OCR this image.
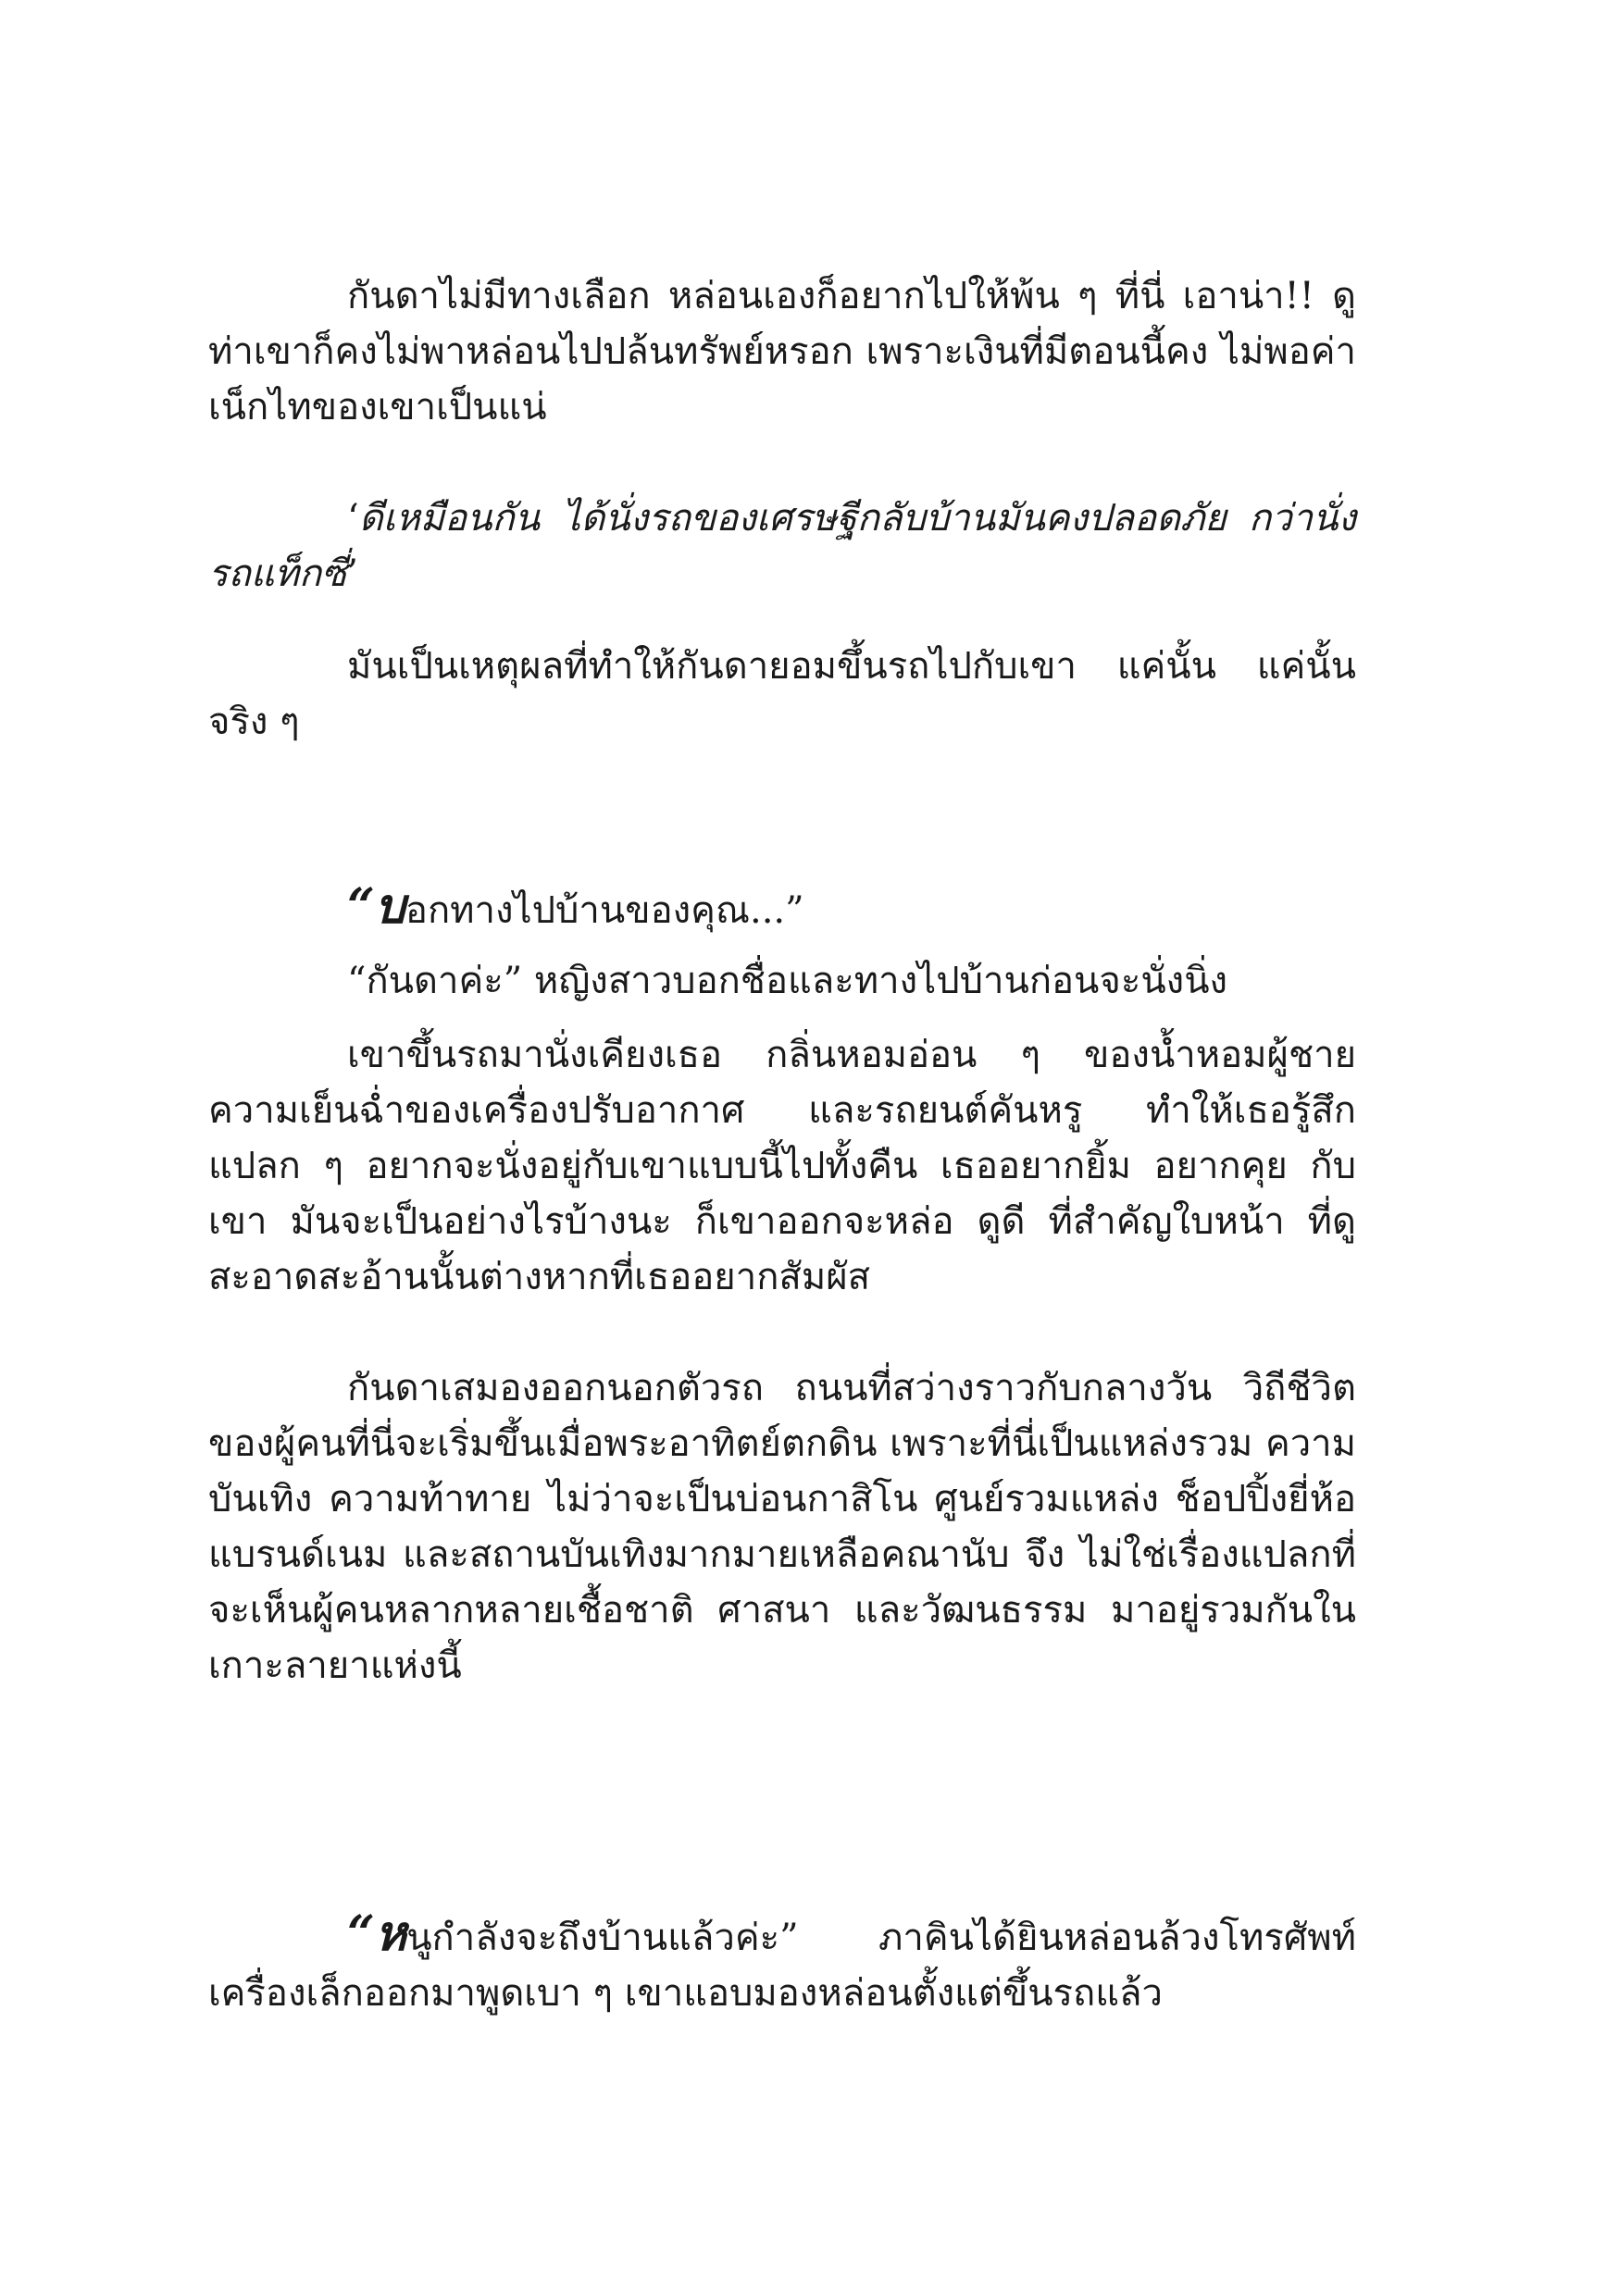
กันดาไม่มีทางเลือก หล่อนเองก็อยากไปให้พ้น ๆ ที่นี่ เอาน่า!! ดูท่าเขาก็คงไม่พาหล่อนไปปล้นทรัพย์หรอก เพราะเงินที่มีตอนนี้คง ไม่พอค่าเน็กไทของเขาเป็นแน่

‘ดีเหมือนกัน ได้นั่งรถของเศรษฐีกลับบ้านมันคงปลอดภัย กว่านั่งรถแท็กซี่’

มันเป็นเหตุผลที่ทำให้กันดายอมขึ้นรถไปกับเขา แค่นั้น แค่นั้น จริง ๆ

“บอกทางไปบ้านของคุณ...”

“กันดาค่ะ” หญิงสาวบอกชื่อและทางไปบ้านก่อนจะนั่งนิ่ง

เขาขึ้นรถมานั่งเคียงเธอ กลิ่นหอมอ่อน ๆ ของน้ำหอมผู้ชาย ความเย็นฉ่ำของเครื่องปรับอากาศ และรถยนต์คันหรู ทำให้เธอรู้สึก แปลก ๆ อยากจะนั่งอยู่กับเขาแบบนี้ไปทั้งคืน เธออยากยิ้ม อยากคุย กับเขา มันจะเป็นอย่างไรบ้างนะ ก็เขาออกจะหล่อ ดูดี ที่สำคัญใบหน้า ที่ดูสะอาดสะอ้านนั้นต่างหากที่เธออยากสัมผัส

กันดาเสมองออกนอกตัวรถ ถนนที่สว่างราวกับกลางวัน วิถีชีวิต ของผู้คนที่นี่จะเริ่มขึ้นเมื่อพระอาทิตย์ตกดิน เพราะที่นี่เป็นแหล่งรวม ความบันเทิง ความท้าทาย ไม่ว่าจะเป็นบ่อนกาสิโน ศูนย์รวมแหล่ง ช็อปปิ้งยี่ห้อแบรนด์เนม และสถานบันเทิงมากมายเหลือคณานับ จึง ไม่ใช่เรื่องแปลกที่จะเห็นผู้คนหลากหลายเชื้อชาติ ศาสนา และวัฒนธรรม มาอยู่รวมกันในเกาะลายาแห่งนี้

“หนูกำลังจะถึงบ้านแล้วค่ะ” ภาคินได้ยินหล่อนล้วงโทรศัพท์ เครื่องเล็กออกมาพูดเบา ๆ เขาแอบมองหล่อนตั้งแต่ขึ้นรถแล้ว
